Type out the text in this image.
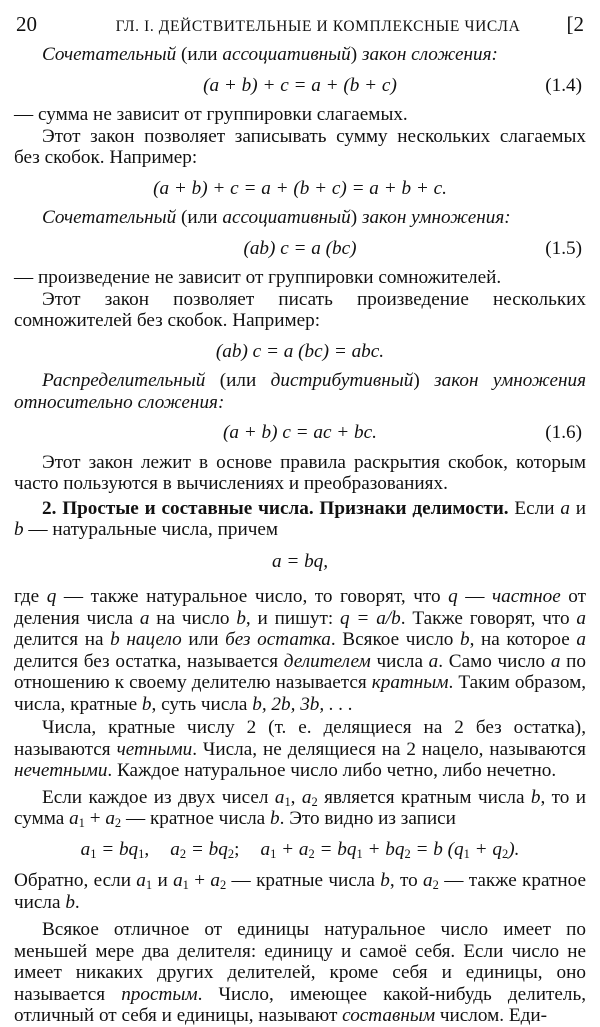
20	ГЛ. I. ДЕЙСТВИТЕЛЬНЫЕ И КОМПЛЕКСНЫЕ ЧИСЛА	[2

Сочетательный (или ассоциативный) закон сложения:

(a + b) + c = a + (b + c)	(1.4)

— сумма не зависит от группировки слагаемых.

Этот закон позволяет записывать сумму нескольких слагаемых без скобок. Например:

(a + b) + c = a + (b + c) = a + b + c.

Сочетательный (или ассоциативный) закон умножения:

(ab) c = a (bc)	(1.5)

— произведение не зависит от группировки сомножителей.

Этот закон позволяет писать произведение нескольких сомножителей без скобок. Например:

(ab) c = a (bc) = abc.

Распределительный (или дистрибутивный) закон умножения относительно сложения:

(a + b) c = ac + bc.	(1.6)

Этот закон лежит в основе правила раскрытия скобок, которым часто пользуются в вычислениях и преобразованиях.

2. Простые и составные числа. Признаки делимости. Если a и b — натуральные числа, причем

a = bq,

где q — также натуральное число, то говорят, что q — частное от деления числа a на число b, и пишут: q = a/b. Также говорят, что a делится на b нацело или без остатка. Всякое число b, на которое a делится без остатка, называется делителем числа a. Само число a по отношению к своему делителю называется кратным. Таким образом, числа, кратные b, суть числа b, 2b, 3b, . . .

Числа, кратные числу 2 (т. е. делящиеся на 2 без остатка), называются четными. Числа, не делящиеся на 2 нацело, называются нечетными. Каждое натуральное число либо четно, либо нечетно.

Если каждое из двух чисел $a_1$, $a_2$ является кратным числа b, то и сумма $a_1 + a_2$ — кратное числа b. Это видно из записи

$a_1 = bq_1$, $a_2 = bq_2$; $a_1 + a_2 = bq_1 + bq_2 = b$ $(q_1 + q_2)$.

Обратно, если $a_1$ и $a_1 + a_2$ — кратные числа b, то $a_2$ — также кратное числа b.

Всякое отличное от единицы натуральное число имеет по меньшей мере два делителя: единицу и самоё себя. Если число не имеет никаких других делителей, кроме себя и единицы, оно называется простым. Число, имеющее какой-нибудь делитель, отличный от себя и единицы, называют составным числом. Еди-
